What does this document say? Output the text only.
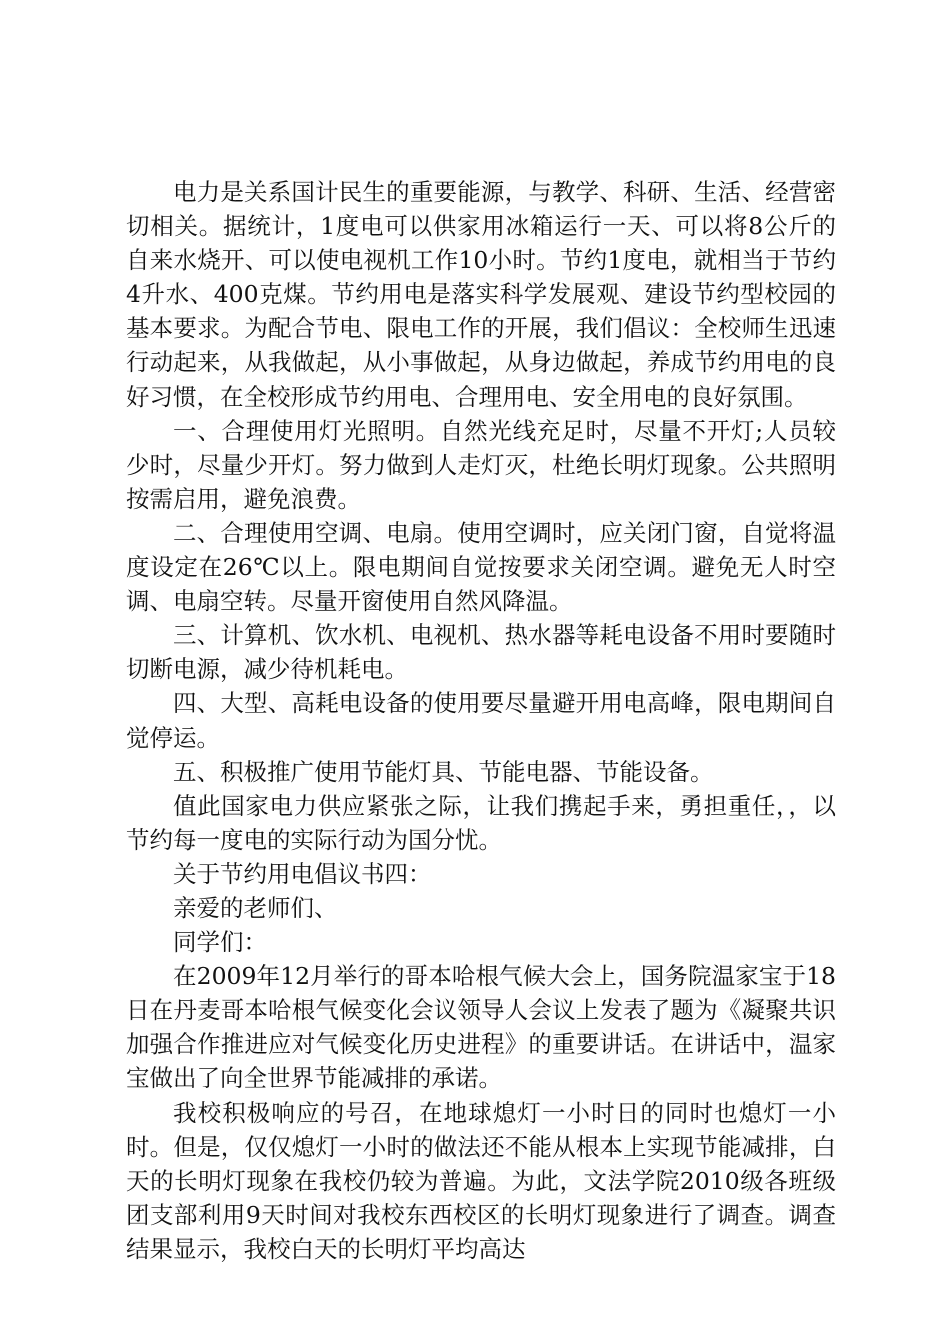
电力是关系国计民生的重要能源，与教学、科研、生活、经营密切相关。据统计，1度电可以供家用冰箱运行一天、可以将8公斤的自来水烧开、可以使电视机工作10小时。节约1度电，就相当于节约4升水、400克煤。节约用电是落实科学发展观、建设节约型校园的基本要求。为配合节电、限电工作的开展，我们倡议：全校师生迅速行动起来，从我做起，从小事做起，从身边做起，养成节约用电的良好习惯，在全校形成节约用电、合理用电、安全用电的良好氛围。

一、合理使用灯光照明。自然光线充足时，尽量不开灯;人员较少时，尽量少开灯。努力做到人走灯灭，杜绝长明灯现象。公共照明按需启用，避免浪费。

二、合理使用空调、电扇。使用空调时，应关闭门窗，自觉将温度设定在26℃以上。限电期间自觉按要求关闭空调。避免无人时空调、电扇空转。尽量开窗使用自然风降温。

三、计算机、饮水机、电视机、热水器等耗电设备不用时要随时切断电源，减少待机耗电。

四、大型、高耗电设备的使用要尽量避开用电高峰，限电期间自觉停运。

五、积极推广使用节能灯具、节能电器、节能设备。

值此国家电力供应紧张之际，让我们携起手来，勇担重任，，以节约每一度电的实际行动为国分忧。

关于节约用电倡议书四：

亲爱的老师们、

同学们：

在2009年12月举行的哥本哈根气候大会上，国务院温家宝于18日在丹麦哥本哈根气候变化会议领导人会议上发表了题为《凝聚共识加强合作推进应对气候变化历史进程》的重要讲话。在讲话中，温家宝做出了向全世界节能减排的承诺。

我校积极响应的号召，在地球熄灯一小时日的同时也熄灯一小时。但是，仅仅熄灯一小时的做法还不能从根本上实现节能减排，白天的长明灯现象在我校仍较为普遍。为此，文法学院2010级各班级团支部利用9天时间对我校东西校区的长明灯现象进行了调查。调查结果显示，我校白天的长明灯平均高达
